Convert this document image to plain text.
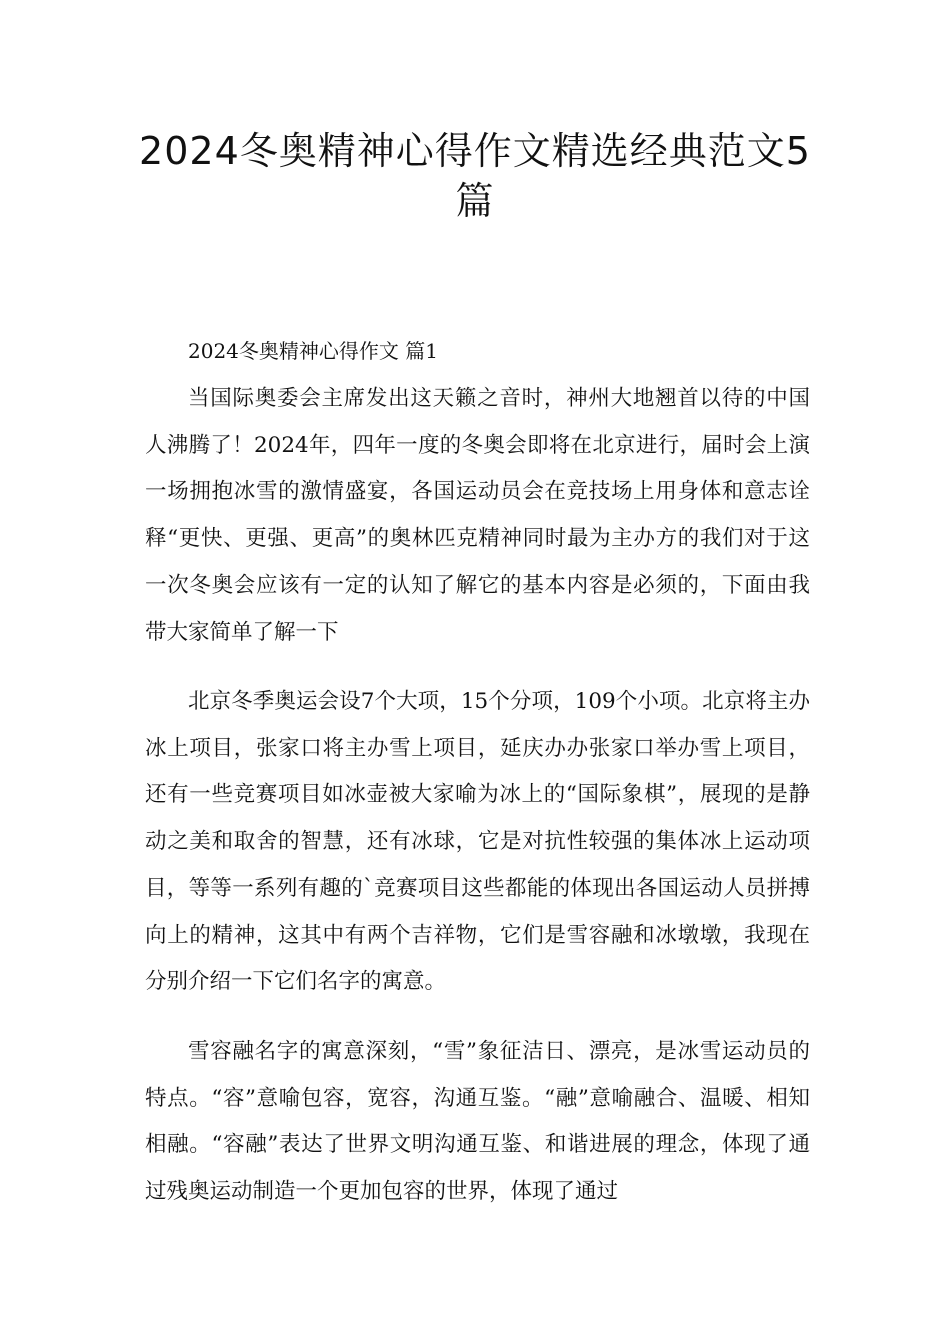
2024冬奥精神心得作文精选经典范文5篇

2024冬奥精神心得作文 篇1

当国际奥委会主席发出这天籁之音时，神州大地翘首以待的中国人沸腾了！2024年，四年一度的冬奥会即将在北京进行，届时会上演一场拥抱冰雪的激情盛宴，各国运动员会在竞技场上用身体和意志诠释“更快、更强、更高”的奥林匹克精神同时最为主办方的我们对于这一次冬奥会应该有一定的认知了解它的基本内容是必须的，下面由我带大家简单了解一下

北京冬季奥运会设7个大项，15个分项，109个小项。北京将主办冰上项目，张家口将主办雪上项目，延庆办办张家口举办雪上项目，还有一些竞赛项目如冰壶被大家喻为冰上的“国际象棋”，展现的是静动之美和取舍的智慧，还有冰球，它是对抗性较强的集体冰上运动项目，等等一系列有趣的`竞赛项目这些都能的体现出各国运动人员拼搏向上的精神，这其中有两个吉祥物，它们是雪容融和冰墩墩，我现在分别介绍一下它们名字的寓意。

雪容融名字的寓意深刻，“雪”象征洁日、漂亮，是冰雪运动员的特点。“容”意喻包容，宽容，沟通互鉴。“融”意喻融合、温暖、相知相融。“容融”表达了世界文明沟通互鉴、和谐进展的理念，体现了通过残奥运动制造一个更加包容的世界，体现了通过
